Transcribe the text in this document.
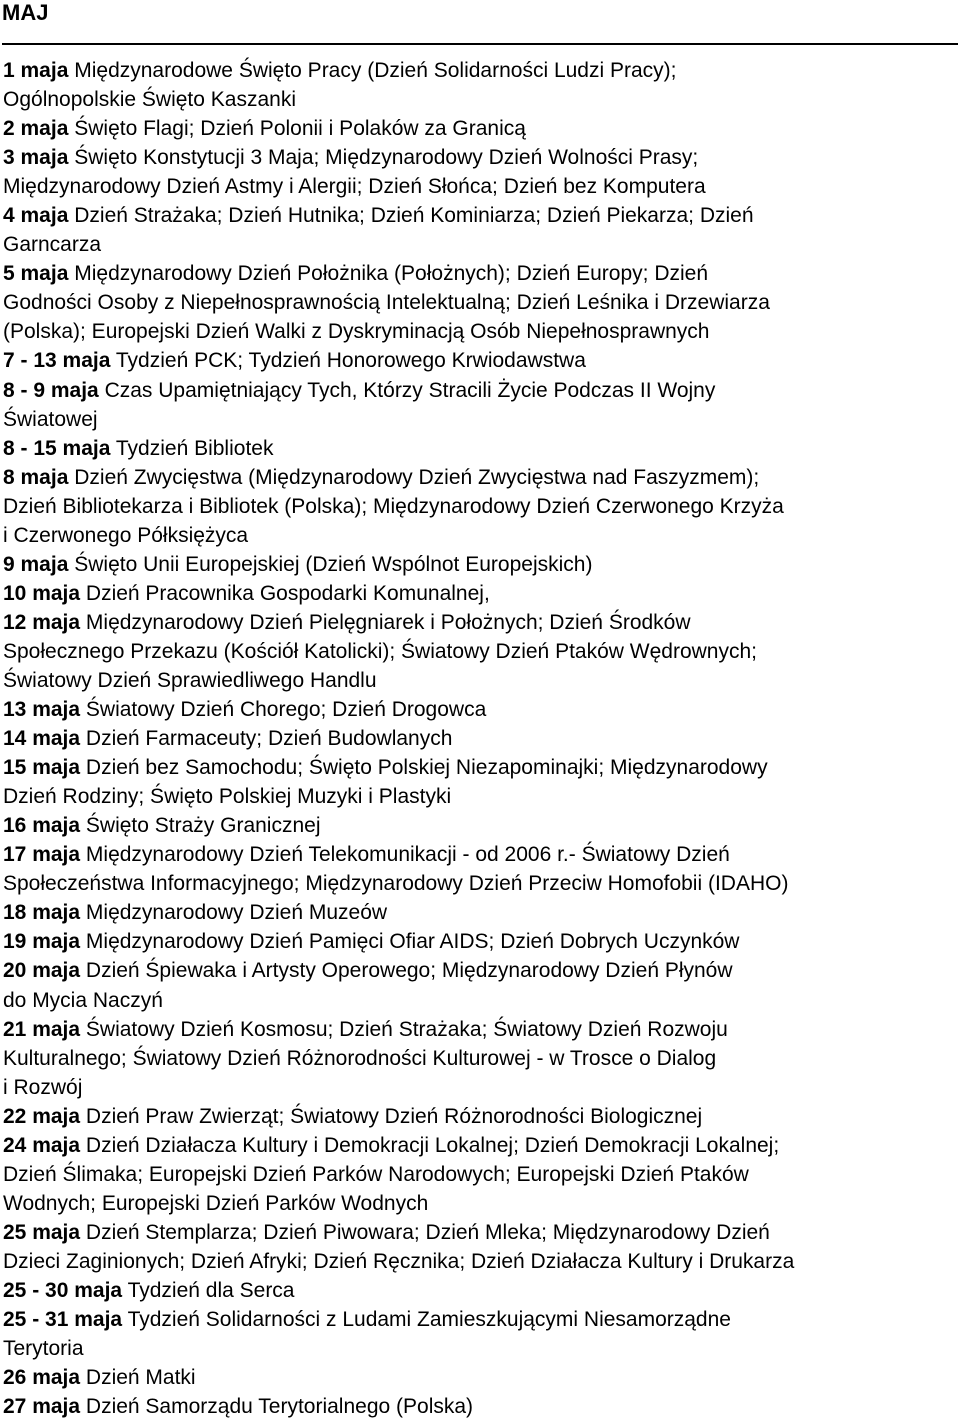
MAJ
1 maja Międzynarodowe Święto Pracy (Dzień Solidarności Ludzi Pracy);
Ogólnopolskie Święto Kaszanki
2 maja Święto Flagi; Dzień Polonii i Polaków za Granicą
3 maja Święto Konstytucji 3 Maja; Międzynarodowy Dzień Wolności Prasy;
Międzynarodowy Dzień Astmy i Alergii; Dzień Słońca; Dzień bez Komputera
4 maja Dzień Strażaka; Dzień Hutnika; Dzień Kominiarza; Dzień Piekarza; Dzień
Garncarza
5 maja Międzynarodowy Dzień Położnika (Położnych); Dzień Europy; Dzień
Godności Osoby z Niepełnosprawnością Intelektualną; Dzień Leśnika i Drzewiarza
(Polska); Europejski Dzień Walki z Dyskryminacją Osób Niepełnosprawnych
7 - 13 maja Tydzień PCK; Tydzień Honorowego Krwiodawstwa
8 - 9 maja Czas Upamiętniający Tych, Którzy Stracili Życie Podczas II Wojny
Światowej
8 - 15 maja Tydzień Bibliotek
8 maja Dzień Zwycięstwa (Międzynarodowy Dzień Zwycięstwa nad Faszyzmem);
Dzień Bibliotekarza i Bibliotek (Polska); Międzynarodowy Dzień Czerwonego Krzyża
i Czerwonego Półksiężyca
9 maja Święto Unii Europejskiej (Dzień Wspólnot Europejskich)
10 maja Dzień Pracownika Gospodarki Komunalnej,
12 maja Międzynarodowy Dzień Pielęgniarek i Położnych; Dzień Środków
Społecznego Przekazu (Kościół Katolicki); Światowy Dzień Ptaków Wędrownych;
Światowy Dzień Sprawiedliwego Handlu
13 maja Światowy Dzień Chorego; Dzień Drogowca
14 maja Dzień Farmaceuty; Dzień Budowlanych
15 maja Dzień bez Samochodu; Święto Polskiej Niezapominajki; Międzynarodowy
Dzień Rodziny; Święto Polskiej Muzyki i Plastyki
16 maja Święto Straży Granicznej
17 maja Międzynarodowy Dzień Telekomunikacji - od 2006 r.- Światowy Dzień
Społeczeństwa Informacyjnego; Międzynarodowy Dzień Przeciw Homofobii (IDAHO)
18 maja Międzynarodowy Dzień Muzeów
19 maja Międzynarodowy Dzień Pamięci Ofiar AIDS; Dzień Dobrych Uczynków
20 maja Dzień Śpiewaka i Artysty Operowego; Międzynarodowy Dzień Płynów
do Mycia Naczyń
21 maja Światowy Dzień Kosmosu; Dzień Strażaka; Światowy Dzień Rozwoju
Kulturalnego; Światowy Dzień Różnorodności Kulturowej - w Trosce o Dialog
i Rozwój
22 maja Dzień Praw Zwierząt; Światowy Dzień Różnorodności Biologicznej
24 maja Dzień Działacza Kultury i Demokracji Lokalnej; Dzień Demokracji Lokalnej;
Dzień Ślimaka; Europejski Dzień Parków Narodowych; Europejski Dzień Ptaków
Wodnych; Europejski Dzień Parków Wodnych
25 maja Dzień Stemplarza; Dzień Piwowara; Dzień Mleka; Międzynarodowy Dzień
Dzieci Zaginionych; Dzień Afryki; Dzień Ręcznika; Dzień Działacza Kultury i Drukarza
25 - 30 maja Tydzień dla Serca
25 - 31 maja Tydzień Solidarności z Ludami Zamieszkującymi Niesamorządne
Terytoria
26 maja Dzień Matki
27 maja Dzień Samorządu Terytorialnego (Polska)
